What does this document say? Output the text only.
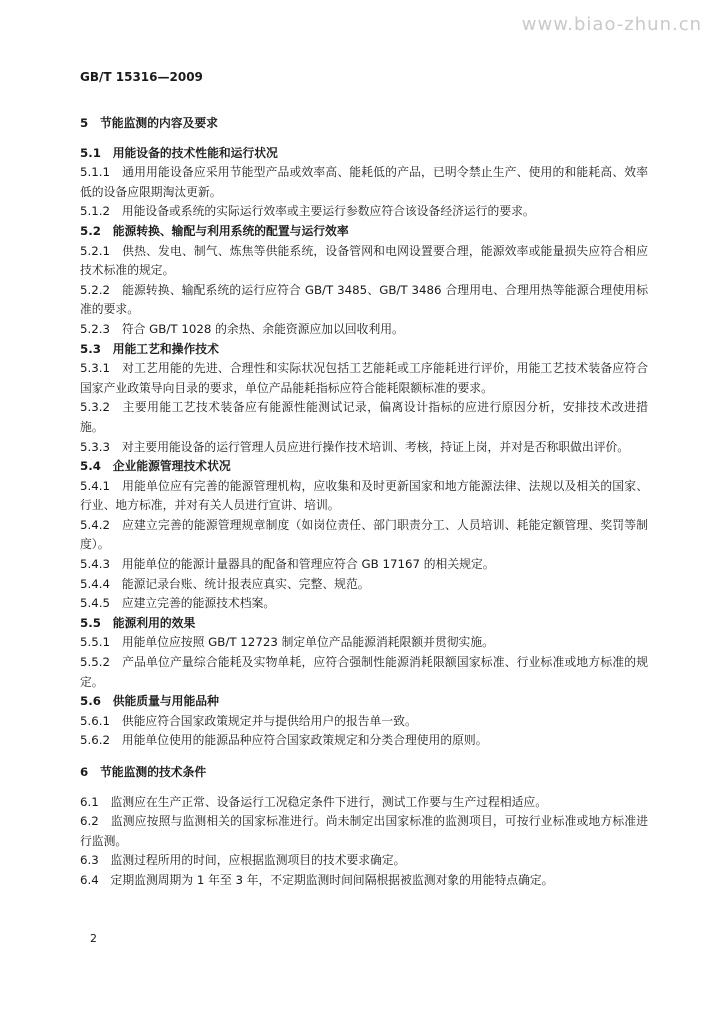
www.biao-zhun.cn
GB/T 15316—2009
5　节能监测的内容及要求
5.1　用能设备的技术性能和运行状况
5.1.1　通用用能设备应采用节能型产品或效率高、能耗低的产品，已明令禁止生产、使用的和能耗高、效率低的设备应限期淘汰更新。
5.1.2　用能设备或系统的实际运行效率或主要运行参数应符合该设备经济运行的要求。
5.2　能源转换、输配与利用系统的配置与运行效率
5.2.1　供热、发电、制气、炼焦等供能系统，设备管网和电网设置要合理，能源效率或能量损失应符合相应技术标准的规定。
5.2.2　能源转换、输配系统的运行应符合 GB/T 3485、GB/T 3486 合理用电、合理用热等能源合理使用标准的要求。
5.2.3　符合 GB/T 1028 的余热、余能资源应加以回收利用。
5.3　用能工艺和操作技术
5.3.1　对工艺用能的先进、合理性和实际状况包括工艺能耗或工序能耗进行评价，用能工艺技术装备应符合国家产业政策导向目录的要求，单位产品能耗指标应符合能耗限额标准的要求。
5.3.2　主要用能工艺技术装备应有能源性能测试记录，偏离设计指标的应进行原因分析，安排技术改进措施。
5.3.3　对主要用能设备的运行管理人员应进行操作技术培训、考核，持证上岗，并对是否称职做出评价。
5.4　企业能源管理技术状况
5.4.1　用能单位应有完善的能源管理机构，应收集和及时更新国家和地方能源法律、法规以及相关的国家、行业、地方标准，并对有关人员进行宣讲、培训。
5.4.2　应建立完善的能源管理规章制度（如岗位责任、部门职责分工、人员培训、耗能定额管理、奖罚等制度）。
5.4.3　用能单位的能源计量器具的配备和管理应符合 GB 17167 的相关规定。
5.4.4　能源记录台账、统计报表应真实、完整、规范。
5.4.5　应建立完善的能源技术档案。
5.5　能源利用的效果
5.5.1　用能单位应按照 GB/T 12723 制定单位产品能源消耗限额并贯彻实施。
5.5.2　产品单位产量综合能耗及实物单耗，应符合强制性能源消耗限额国家标准、行业标准或地方标准的规定。
5.6　供能质量与用能品种
5.6.1　供能应符合国家政策规定并与提供给用户的报告单一致。
5.6.2　用能单位使用的能源品种应符合国家政策规定和分类合理使用的原则。
6　节能监测的技术条件
6.1　监测应在生产正常、设备运行工况稳定条件下进行，测试工作要与生产过程相适应。
6.2　监测应按照与监测相关的国家标准进行。尚未制定出国家标准的监测项目，可按行业标准或地方标准进行监测。
6.3　监测过程所用的时间，应根据监测项目的技术要求确定。
6.4　定期监测周期为 1 年至 3 年，不定期监测时间间隔根据被监测对象的用能特点确定。
2
